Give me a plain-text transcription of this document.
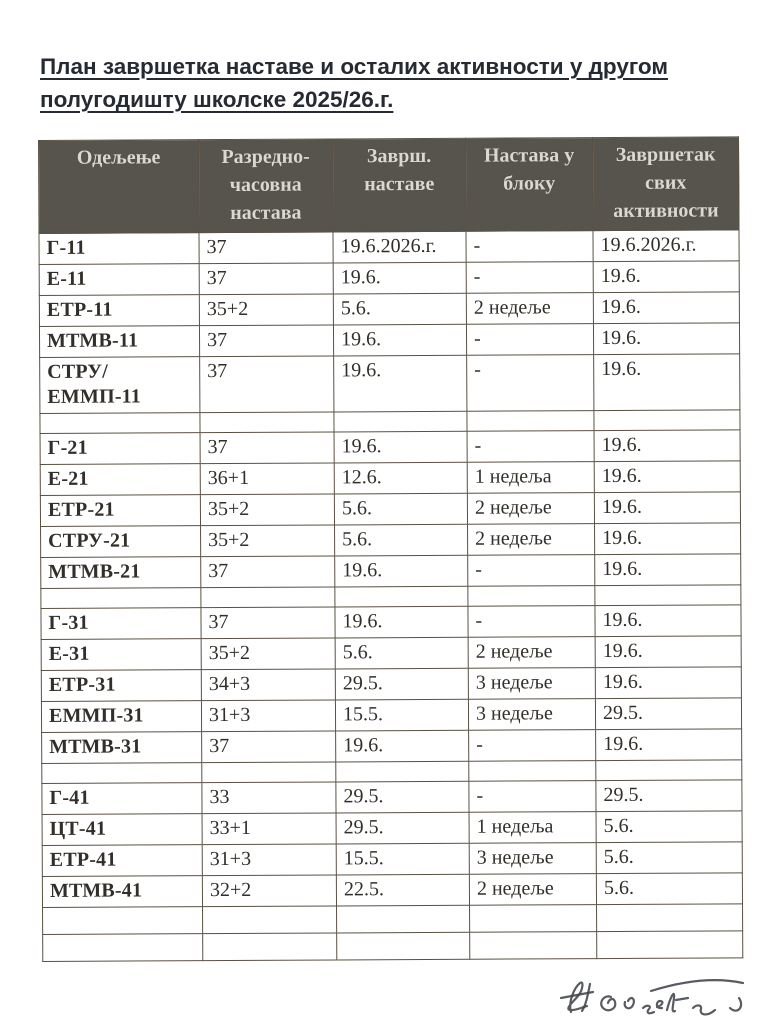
План завршетка наставе и осталих активности у другом
полугодишту школске 2025/26.г.
Одељење	Разредно-часовна настава	Заврш. наставе	Настава у блоку	Завршетак свих активности
Г-11	37	19.6.2026.г.	-	19.6.2026.г.
Е-11	37	19.6.	-	19.6.
ЕТР-11	35+2	5.6.	2 недеље	19.6.
МТМВ-11	37	19.6.	-	19.6.
СТРУ/ЕММП-11	37	19.6.	-	19.6.

Г-21	37	19.6.	-	19.6.
Е-21	36+1	12.6.	1 недеља	19.6.
ЕТР-21	35+2	5.6.	2 недеље	19.6.
СТРУ-21	35+2	5.6.	2 недеље	19.6.
МТМВ-21	37	19.6.	-	19.6.

Г-31	37	19.6.	-	19.6.
Е-31	35+2	5.6.	2 недеље	19.6.
ЕТР-31	34+3	29.5.	3 недеље	19.6.
ЕММП-31	31+3	15.5.	3 недеље	29.5.
МТМВ-31	37	19.6.	-	19.6.

Г-41	33	29.5.	-	29.5.
ЦТ-41	33+1	29.5.	1 недеља	5.6.
ЕТР-41	31+3	15.5.	3 недеље	5.6.
МТМВ-41	32+2	22.5.	2 недеље	5.6.
